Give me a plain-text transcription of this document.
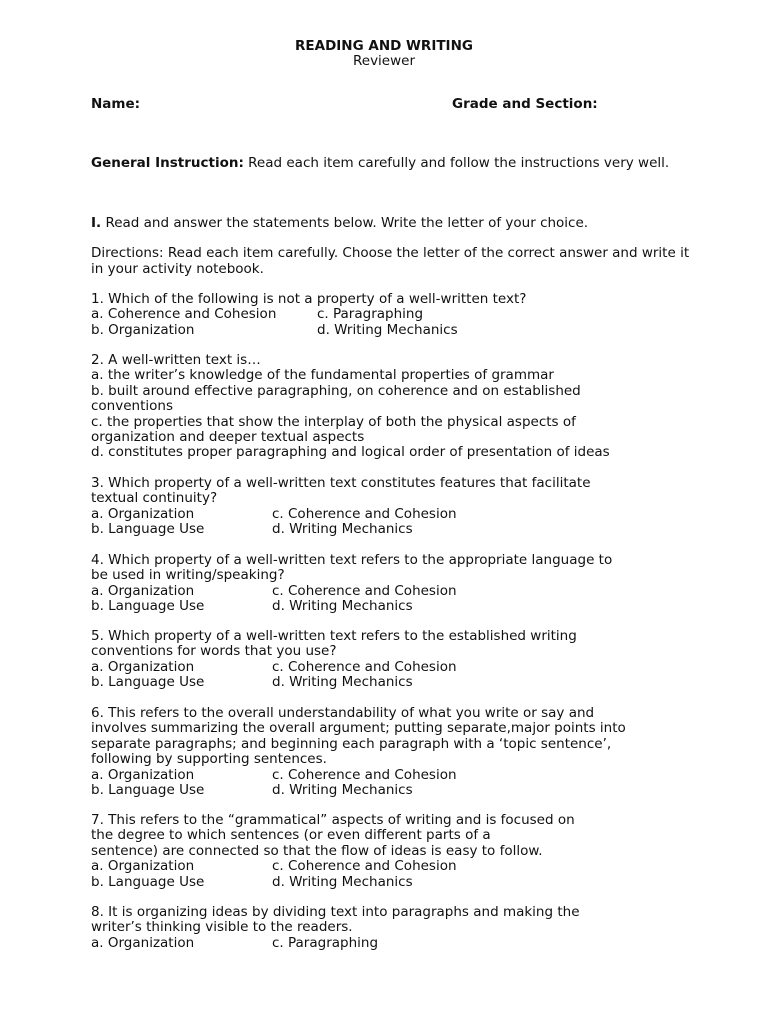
READING AND WRITING
Reviewer
Name:	Grade and Section:
General Instruction: Read each item carefully and follow the instructions very well.
I. Read and answer the statements below. Write the letter of your choice.
Directions: Read each item carefully. Choose the letter of the correct answer and write it in your activity notebook.
1. Which of the following is not a property of a well-written text?
a. Coherence and Cohesion	c. Paragraphing
b. Organization	d. Writing Mechanics
2. A well-written text is…
a. the writer’s knowledge of the fundamental properties of grammar
b. built around effective paragraphing, on coherence and on established
conventions
c. the properties that show the interplay of both the physical aspects of
organization and deeper textual aspects
d. constitutes proper paragraphing and logical order of presentation of ideas
3. Which property of a well-written text constitutes features that facilitate
textual continuity?
a. Organization	c. Coherence and Cohesion
b. Language Use	d. Writing Mechanics
4. Which property of a well-written text refers to the appropriate language to
be used in writing/speaking?
a. Organization	c. Coherence and Cohesion
b. Language Use	d. Writing Mechanics
5. Which property of a well-written text refers to the established writing
conventions for words that you use?
a. Organization	c. Coherence and Cohesion
b. Language Use	d. Writing Mechanics
6. This refers to the overall understandability of what you write or say and
involves summarizing the overall argument; putting separate,major points into
separate paragraphs; and beginning each paragraph with a ‘topic sentence’,
following by supporting sentences.
a. Organization	c. Coherence and Cohesion
b. Language Use	d. Writing Mechanics
7. This refers to the “grammatical” aspects of writing and is focused on
the degree to which sentences (or even different parts of a
sentence) are connected so that the flow of ideas is easy to follow.
a. Organization	c. Coherence and Cohesion
b. Language Use	d. Writing Mechanics
8. It is organizing ideas by dividing text into paragraphs and making the
writer’s thinking visible to the readers.
a. Organization	c. Paragraphing
